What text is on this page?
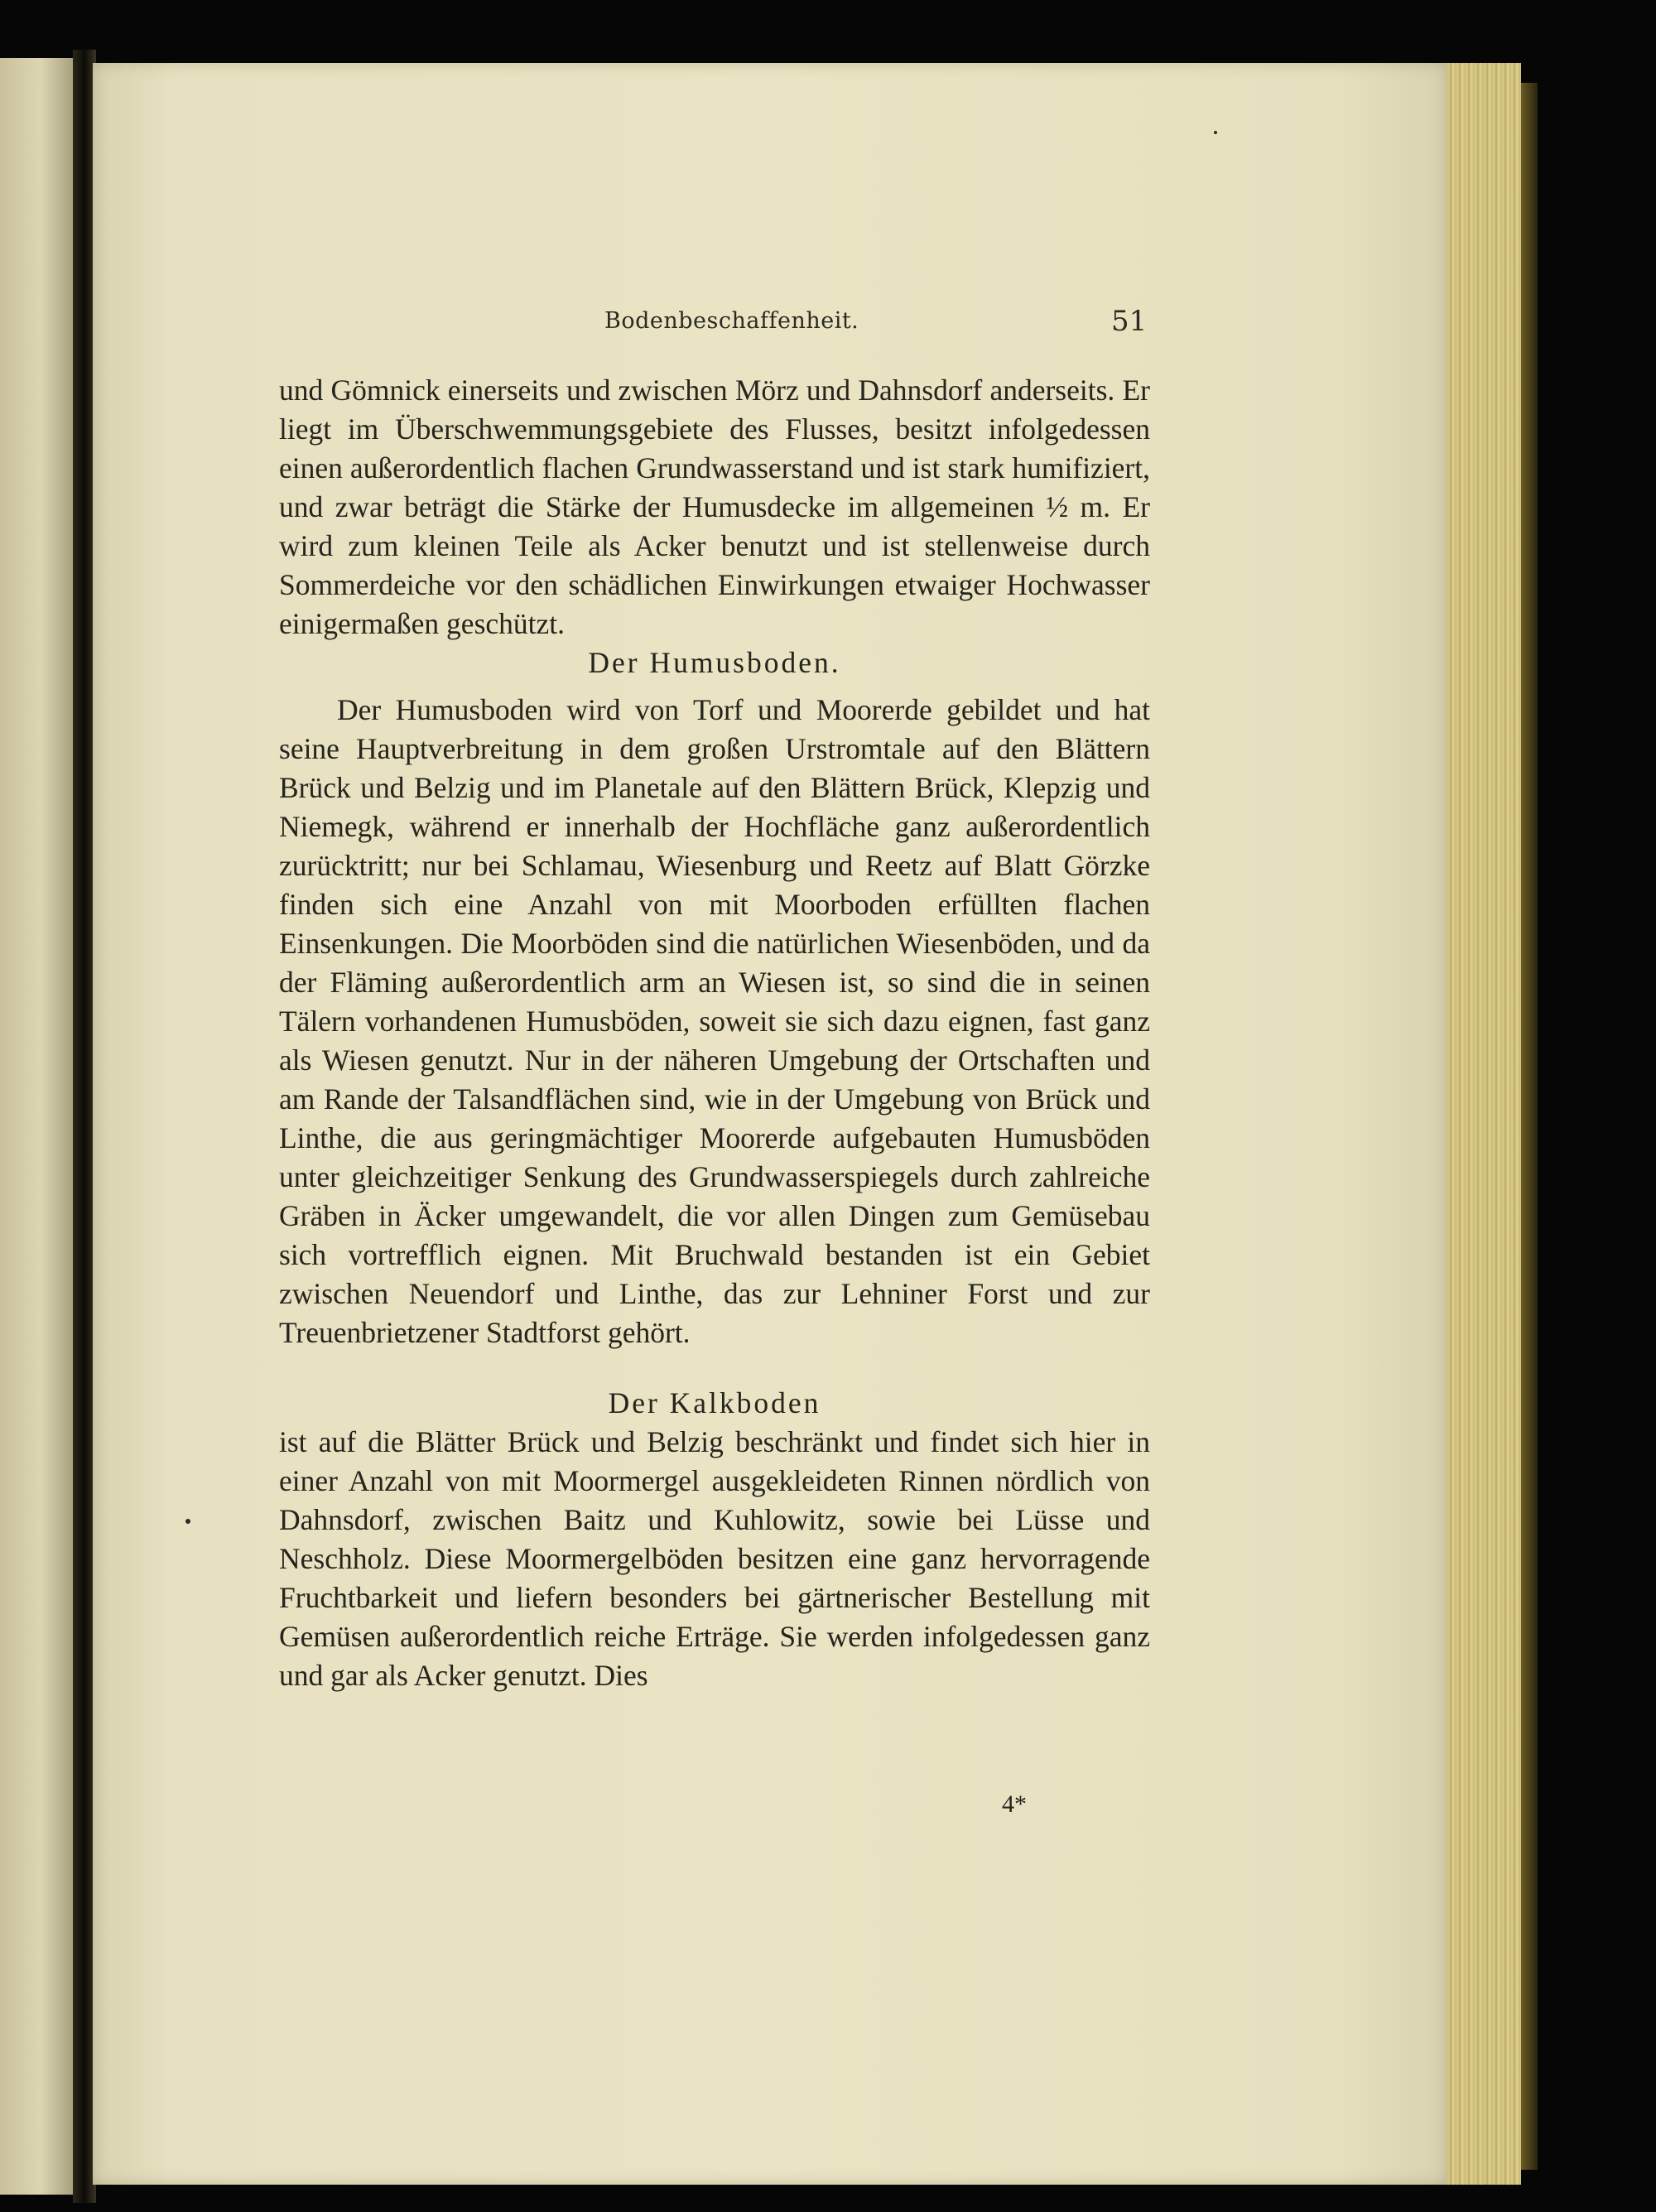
Bodenbeschaffenheit.	51

und Gömnick einerseits und zwischen Mörz und Dahnsdorf anderseits. Er liegt im Überschwemmungsgebiete des Flusses, besitzt infolgedessen einen außerordentlich flachen Grundwasserstand und ist stark humifiziert, und zwar beträgt die Stärke der Humusdecke im allgemeinen ½ m. Er wird zum kleinen Teile als Acker benutzt und ist stellenweise durch Sommerdeiche vor den schädlichen Einwirkungen etwaiger Hochwasser einigermaßen geschützt.

Der Humusboden.

Der Humusboden wird von Torf und Moorerde gebildet und hat seine Hauptverbreitung in dem großen Urstromtale auf den Blättern Brück und Belzig und im Planetale auf den Blättern Brück, Klepzig und Niemegk, während er innerhalb der Hochfläche ganz außerordentlich zurücktritt; nur bei Schlamau, Wiesenburg und Reetz auf Blatt Görzke finden sich eine Anzahl von mit Moorboden erfüllten flachen Einsenkungen. Die Moorböden sind die natürlichen Wiesenböden, und da der Fläming außerordentlich arm an Wiesen ist, so sind die in seinen Tälern vorhandenen Humusböden, soweit sie sich dazu eignen, fast ganz als Wiesen genutzt. Nur in der näheren Umgebung der Ortschaften und am Rande der Talsandflächen sind, wie in der Umgebung von Brück und Linthe, die aus geringmächtiger Moorerde aufgebauten Humusböden unter gleichzeitiger Senkung des Grundwasserspiegels durch zahlreiche Gräben in Äcker umgewandelt, die vor allen Dingen zum Gemüsebau sich vortrefflich eignen. Mit Bruchwald bestanden ist ein Gebiet zwischen Neuendorf und Linthe, das zur Lehniner Forst und zur Treuenbrietzener Stadtforst gehört.

Der Kalkboden

ist auf die Blätter Brück und Belzig beschränkt und findet sich hier in einer Anzahl von mit Moormergel ausgekleideten Rinnen nördlich von Dahnsdorf, zwischen Baitz und Kuhlowitz, sowie bei Lüsse und Neschholz. Diese Moormergelböden besitzen eine ganz hervorragende Fruchtbarkeit und liefern besonders bei gärtnerischer Bestellung mit Gemüsen außerordentlich reiche Erträge. Sie werden infolgedessen ganz und gar als Acker genutzt. Dies

4*
